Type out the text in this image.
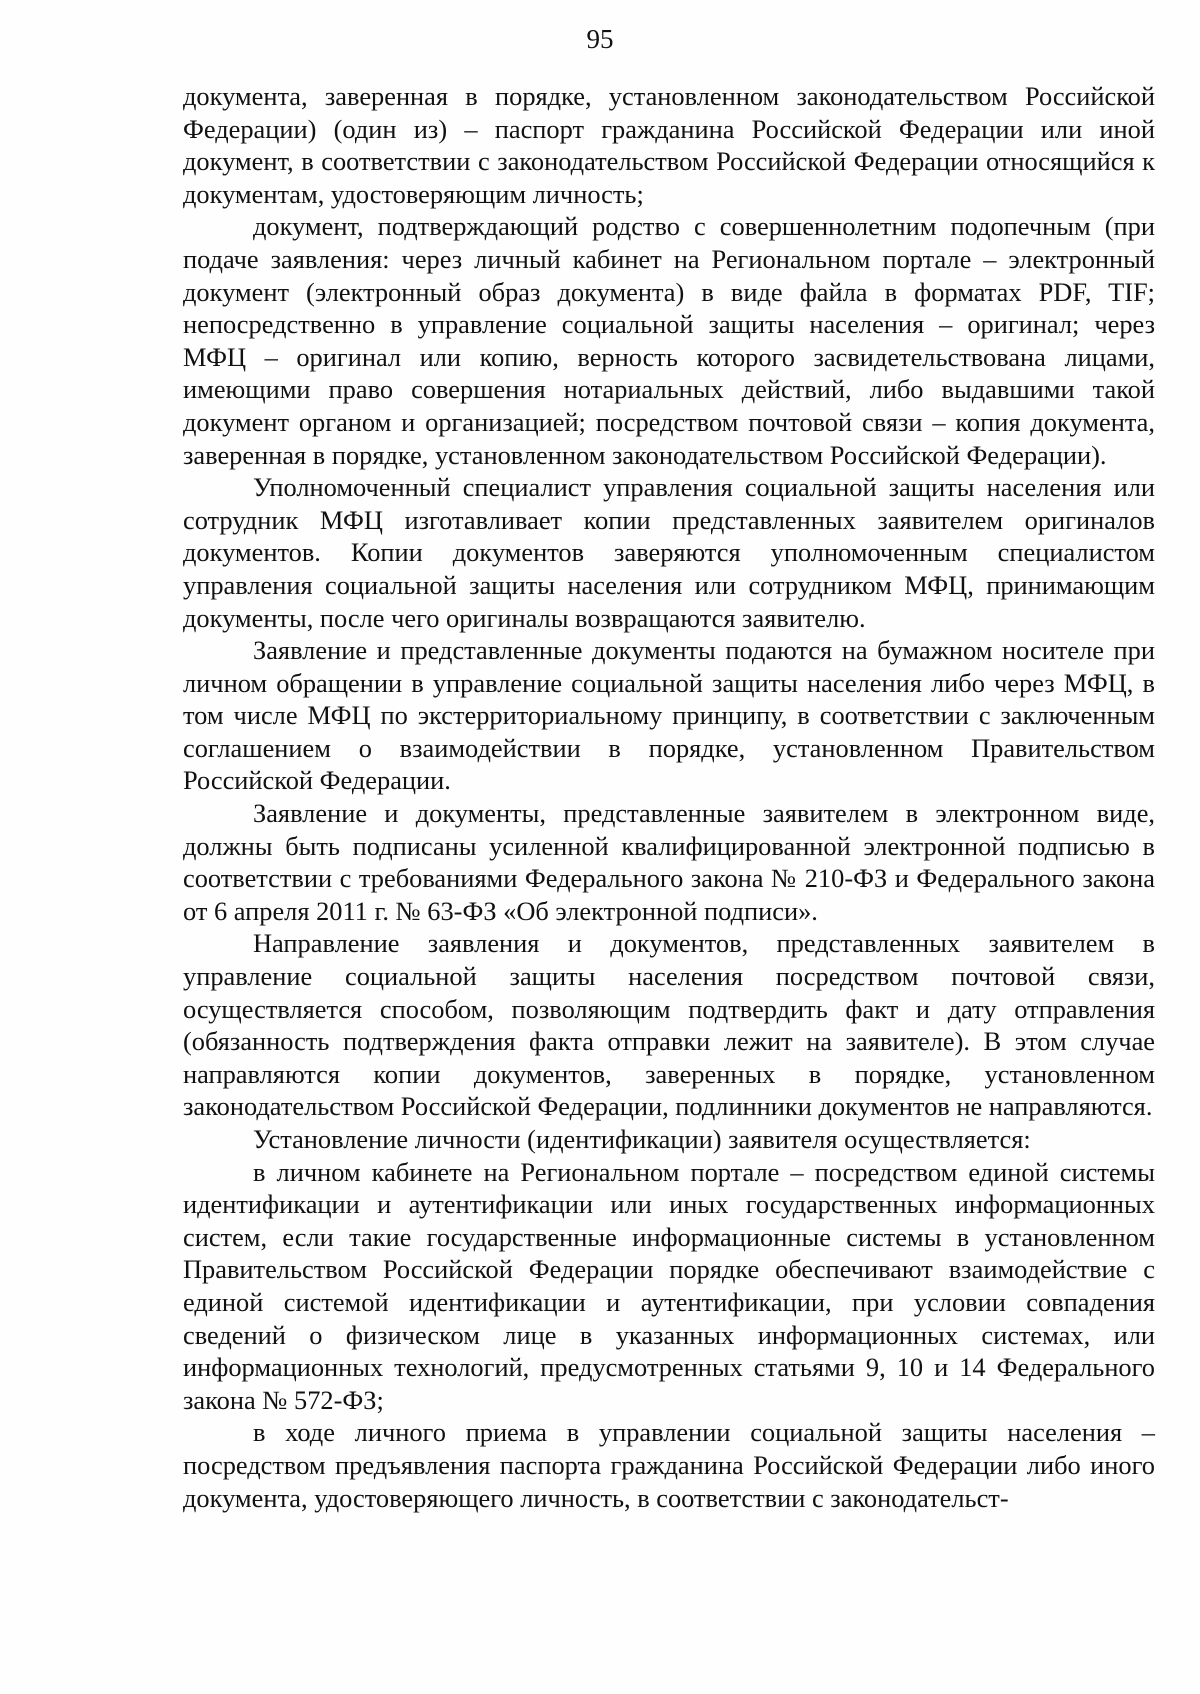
95

документа, заверенная в порядке, установленном законодательством Российской Федерации) (один из) – паспорт гражданина Российской Федерации или иной документ, в соответствии с законодательством Российской Федерации относящийся к документам, удостоверяющим личность;

документ, подтверждающий родство с совершеннолетним подопечным (при подаче заявления: через личный кабинет на Региональном портале – электронный документ (электронный образ документа) в виде файла в форматах PDF, TIF; непосредственно в управление социальной защиты населения – оригинал; через МФЦ – оригинал или копию, верность которого засвидетельствована лицами, имеющими право совершения нотариальных действий, либо выдавшими такой документ органом и организацией; посредством почтовой связи – копия документа, заверенная в порядке, установленном законодательством Российской Федерации).

Уполномоченный специалист управления социальной защиты населения или сотрудник МФЦ изготавливает копии представленных заявителем оригиналов документов. Копии документов заверяются уполномоченным специалистом управления социальной защиты населения или сотрудником МФЦ, принимающим документы, после чего оригиналы возвращаются заявителю.

Заявление и представленные документы подаются на бумажном носителе при личном обращении в управление социальной защиты населения либо через МФЦ, в том числе МФЦ по экстерриториальному принципу, в соответствии с заключенным соглашением о взаимодействии в порядке, установленном Правительством Российской Федерации.

Заявление и документы, представленные заявителем в электронном виде, должны быть подписаны усиленной квалифицированной электронной подписью в соответствии с требованиями Федерального закона № 210-ФЗ и Федерального закона от 6 апреля 2011 г. № 63-ФЗ «Об электронной подписи».

Направление заявления и документов, представленных заявителем в управление социальной защиты населения посредством почтовой связи, осуществляется способом, позволяющим подтвердить факт и дату отправления (обязанность подтверждения факта отправки лежит на заявителе). В этом случае направляются копии документов, заверенных в порядке, установленном законодательством Российской Федерации, подлинники документов не направляются.

Установление личности (идентификации) заявителя осуществляется:

в личном кабинете на Региональном портале – посредством единой системы идентификации и аутентификации или иных государственных информационных систем, если такие государственные информационные системы в установленном Правительством Российской Федерации порядке обеспечивают взаимодействие с единой системой идентификации и аутентификации, при условии совпадения сведений о физическом лице в указанных информационных системах, или информационных технологий, предусмотренных статьями 9, 10 и 14 Федерального закона № 572-ФЗ;

в ходе личного приема в управлении социальной защиты населения – посредством предъявления паспорта гражданина Российской Федерации либо иного документа, удостоверяющего личность, в соответствии с законодательст-
